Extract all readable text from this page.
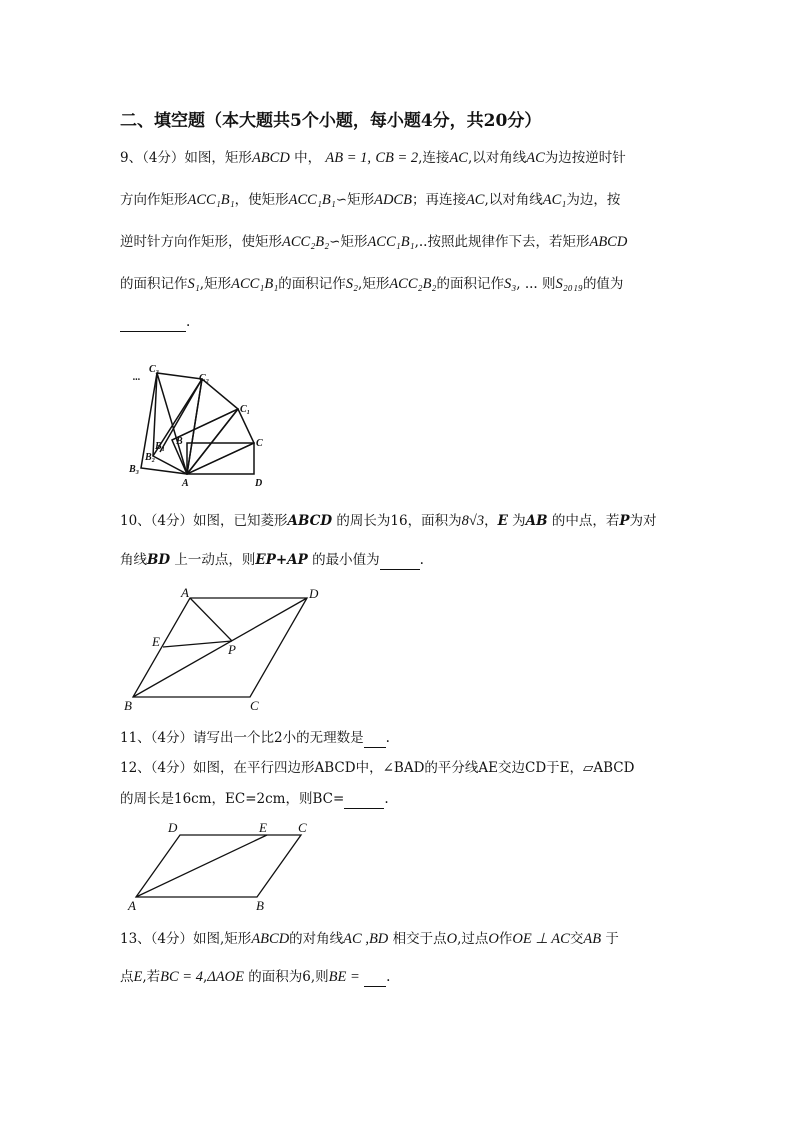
二、填空题（本大题共5个小题，每小题4分，共20分）
9、（4分）如图，矩形ABCD 中， AB = 1, CB = 2,连接AC,以对角线AC为边按逆时针
方向作矩形ACC₁B₁，使矩形ACC₁B₁∽矩形ADCB；再连接AC,以对角线AC₁为边，按
逆时针方向作矩形，使矩形ACC₂B₂∽矩形ACC₁B₁,..按照此规律作下去，若矩形ABCD
的面积记作S₁,矩形ACC₁B₁的面积记作S₂,矩形ACC₂B₂的面积记作S₃, ... 则S₂₀₁₉的值为
.
...
C₃
C₂
C₁
C
B
B₁
B₂
B₃
A	D
10、（4分）如图，已知菱形ABCD 的周长为16，面积为8√3，E 为AB 的中点，若P为对
角线BD 上一动点，则EP+AP 的最小值为	.
A	D
E
P
B	C
11、（4分）请写出一个比2小的无理数是 .
12、（4分）如图，在平行四边形ABCD中，∠BAD的平分线AE交边CD于E，▱ABCD
的周长是16cm，EC=2cm，则BC=	.
D	E C
A	B
13、（4分）如图,矩形ABCD的对角线AC ,BD 相交于点O,过点O作OE ⊥ AC交AB 于
点E,若BC = 4,ΔAOE 的面积为6,则BE = .
